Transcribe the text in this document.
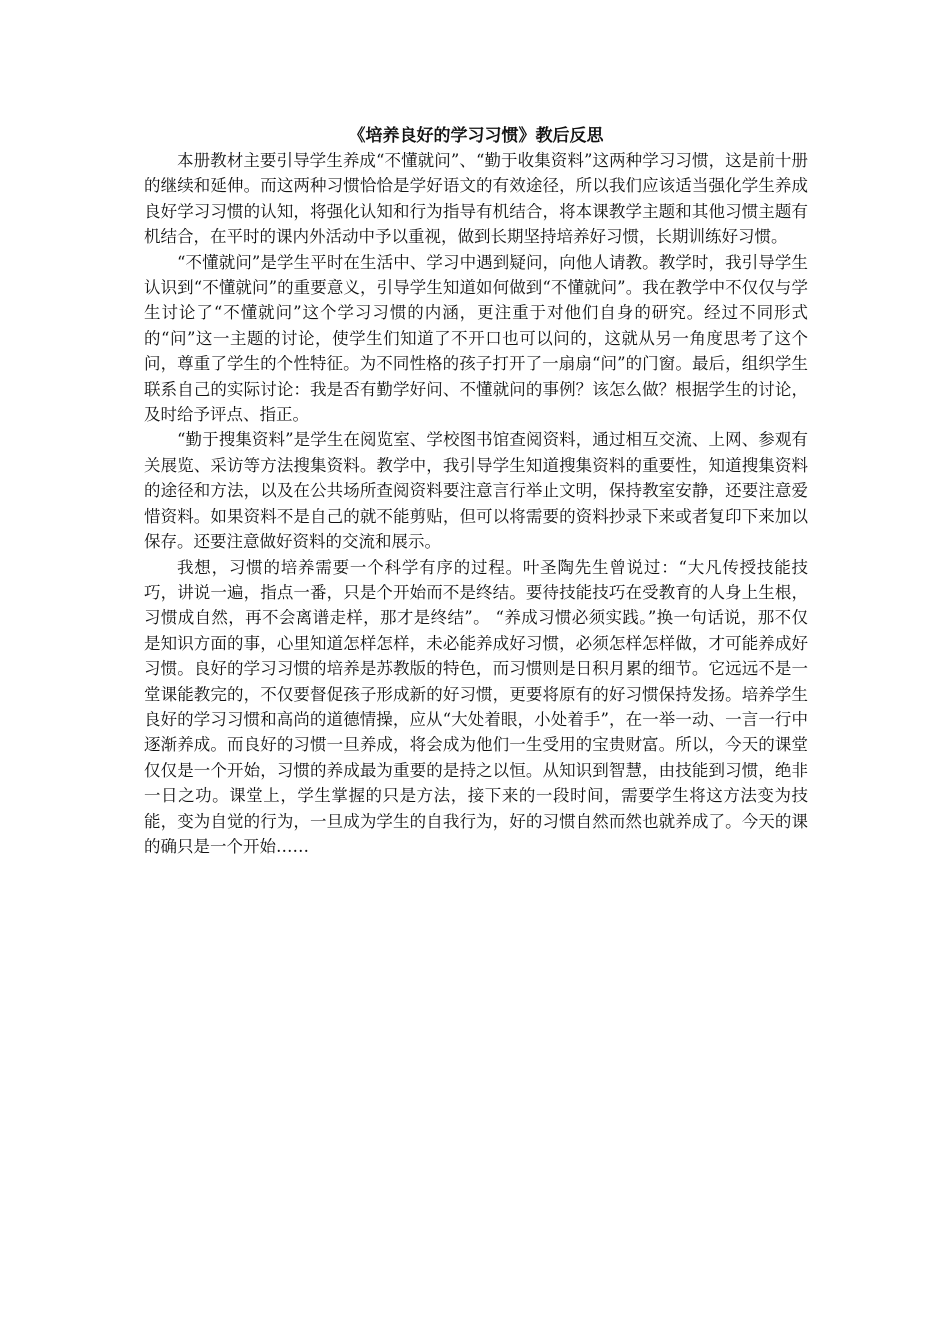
《培养良好的学习习惯》教后反思

本册教材主要引导学生养成“不懂就问”、“勤于收集资料”这两种学习习惯，这是前十册的继续和延伸。而这两种习惯恰恰是学好语文的有效途径，所以我们应该适当强化学生养成良好学习习惯的认知，将强化认知和行为指导有机结合，将本课教学主题和其他习惯主题有机结合，在平时的课内外活动中予以重视，做到长期坚持培养好习惯，长期训练好习惯。

“不懂就问”是学生平时在生活中、学习中遇到疑问，向他人请教。教学时，我引导学生认识到“不懂就问”的重要意义，引导学生知道如何做到“不懂就问”。我在教学中不仅仅与学生讨论了“不懂就问”这个学习习惯的内涵，更注重于对他们自身的研究。经过不同形式的“问”这一主题的讨论，使学生们知道了不开口也可以问的，这就从另一角度思考了这个问，尊重了学生的个性特征。为不同性格的孩子打开了一扇扇“问”的门窗。最后，组织学生联系自己的实际讨论：我是否有勤学好问、不懂就问的事例？该怎么做？根据学生的讨论，及时给予评点、指正。

“勤于搜集资料”是学生在阅览室、学校图书馆查阅资料，通过相互交流、上网、参观有关展览、采访等方法搜集资料。教学中，我引导学生知道搜集资料的重要性，知道搜集资料的途径和方法，以及在公共场所查阅资料要注意言行举止文明，保持教室安静，还要注意爱惜资料。如果资料不是自己的就不能剪贴，但可以将需要的资料抄录下来或者复印下来加以保存。还要注意做好资料的交流和展示。

我想，习惯的培养需要一个科学有序的过程。叶圣陶先生曾说过：“大凡传授技能技巧，讲说一遍，指点一番，只是个开始而不是终结。要待技能技巧在受教育的人身上生根，习惯成自然，再不会离谱走样，那才是终结”。 “养成习惯必须实践。”换一句话说，那不仅是知识方面的事，心里知道怎样怎样，未必能养成好习惯，必须怎样怎样做，才可能养成好习惯。良好的学习习惯的培养是苏教版的特色，而习惯则是日积月累的细节。它远远不是一堂课能教完的，不仅要督促孩子形成新的好习惯，更要将原有的好习惯保持发扬。培养学生良好的学习习惯和高尚的道德情操，应从“大处着眼，小处着手”，在一举一动、一言一行中逐渐养成。而良好的习惯一旦养成，将会成为他们一生受用的宝贵财富。所以，今天的课堂仅仅是一个开始，习惯的养成最为重要的是持之以恒。从知识到智慧，由技能到习惯，绝非一日之功。课堂上，学生掌握的只是方法，接下来的一段时间，需要学生将这方法变为技能，变为自觉的行为，一旦成为学生的自我行为，好的习惯自然而然也就养成了。今天的课的确只是一个开始……
